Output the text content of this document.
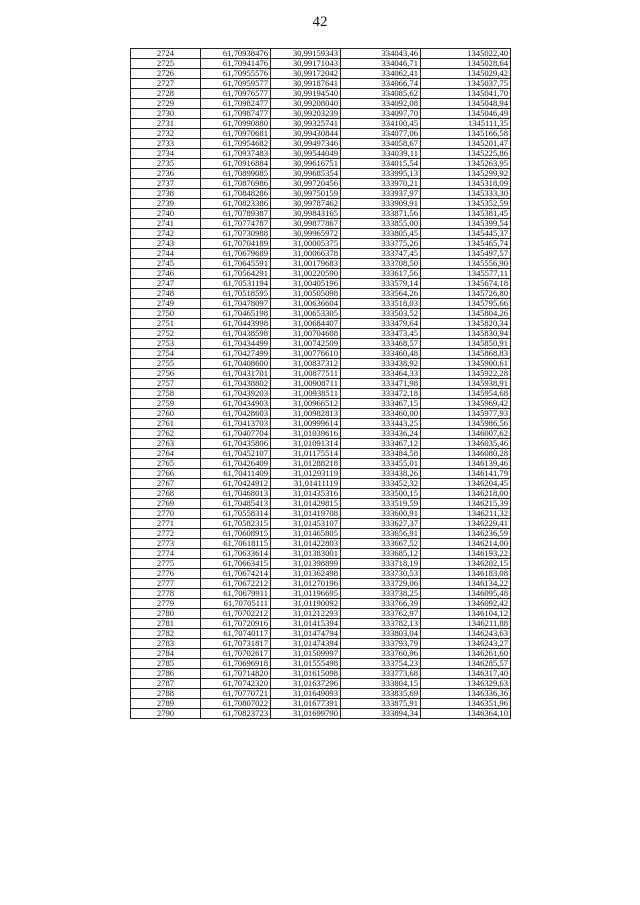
42
2724	61,70938476	30,99159343	334043,46	1345022,40
2725	61,70941476	30,99171043	334046,71	1345028,64
2726	61,70955576	30,99172042	334062,41	1345029,42
2727	61,70959577	30,99187641	334066,74	1345037,75
2728	61,70976577	30,99194540	334085,62	1345041,70
2729	61,70982477	30,99208040	334092,08	1345048,94
2730	61,70987477	30,99203239	334097,70	1345046,49
2731	61,70990880	30,99325741	334100,45	1345111,35
2732	61,70970681	30,99430844	334077,06	1345166,58
2733	61,70954682	30,99497346	334058,67	1345201,47
2734	61,70937483	30,99544049	334039,11	1345225,86
2735	61,70916884	30,99616751	334015,54	1345263,95
2736	61,70899085	30,99685354	333995,13	1345299,92
2737	61,70876986	30,99720456	333970,21	1345318,09
2738	61,70848286	30,99750159	333937,97	1345333,30
2739	61,70823386	30,99787462	333909,91	1345352,59
2740	61,70789387	30,99843165	333871,56	1345381,45
2741	61,70774787	30,99877867	333855,00	1345399,54
2742	61,70730988	30,99965972	333805,45	1345445,37
2743	61,70704189	31,00005375	333775,26	1345465,74
2744	61,70679689	31,00066378	333747,45	1345497,57
2745	61,70645591	31,00179683	333708,50	1345556,90
2746	61,70564291	31,00220590	333617,56	1345577,11
2747	61,70531194	31,00405196	333579,14	1345674,18
2748	61,70518595	31,00505098	333564,26	1345726,80
2749	61,70478097	31,00636604	333518,03	1345795,66
2750	61,70465198	31,00653305	333503,52	1345804,26
2751	61,70443998	31,00684407	333479,64	1345820,34
2752	61,70438598	31,00704608	333473,45	1345830,94
2753	61,70434499	31,00742509	333468,57	1345850,91
2754	61,70427499	31,00776610	333460,48	1345868,83
2755	61,70408600	31,00837312	333438,92	1345900,61
2756	61,70431701	31,00877511	333464,33	1345922,28
2757	61,70438802	31,00908711	333471,98	1345938,91
2758	61,70439203	31,00938511	333472,18	1345954,68
2759	61,70434903	31,00966512	333467,15	1345969,42
2760	61,70428603	31,00982813	333460,00	1345977,93
2761	61,70413703	31,00999614	333443,25	1345986,56
2762	61,70407704	31,01039616	333436,24	1346007,62
2763	61,70435806	31,01091314	333467,12	1346035,46
2764	61,70452107	31,01175514	333484,58	1346080,28
2765	61,70426409	31,01288218	333455,01	1346139,46
2766	61,70411409	31,01293119	333438,26	1346141,79
2767	61,70424912	31,01411119	333452,32	1346204,45
2768	61,70468013	31,01435316	333500,15	1346218,00
2769	61,70485413	31,01429815	333519,59	1346215,39
2770	61,70558314	31,01419708	333600,91	1346211,32
2771	61,70582315	31,01453107	333627,37	1346229,41
2772	61,70608915	31,01465805	333656,91	1346236,59
2773	61,70618115	31,01422803	333667,52	1346214,00
2774	61,70633614	31,01383001	333685,12	1346193,22
2775	61,70663415	31,01398899	333718,19	1346202,15
2776	61,70674214	31,01362498	333730,53	1346183,08
2777	61,70672212	31,01270196	333729,06	1346134,22
2778	61,70679911	31,01196695	333738,25	1346095,48
2779	61,70705111	31,01190092	333766,39	1346092,42
2780	61,70702212	31,01212293	333762,97	1346104,12
2781	61,70720916	31,01415394	333782,13	1346211,88
2782	61,70740117	31,01474794	333803,04	1346243,63
2783	61,70731817	31,01474394	333793,79	1346243,27
2784	61,70702617	31,01509997	333760,96	1346261,60
2785	61,70696918	31,01555498	333754,23	1346285,57
2786	61,70714820	31,01615098	333773,68	1346317,40
2787	61,70742320	31,01637296	333804,15	1346329,63
2788	61,70770721	31,01649093	333835,69	1346336,36
2789	61,70807022	31,01677391	333875,91	1346351,96
2790	61,70823723	31,01699790	333894,34	1346364,10
